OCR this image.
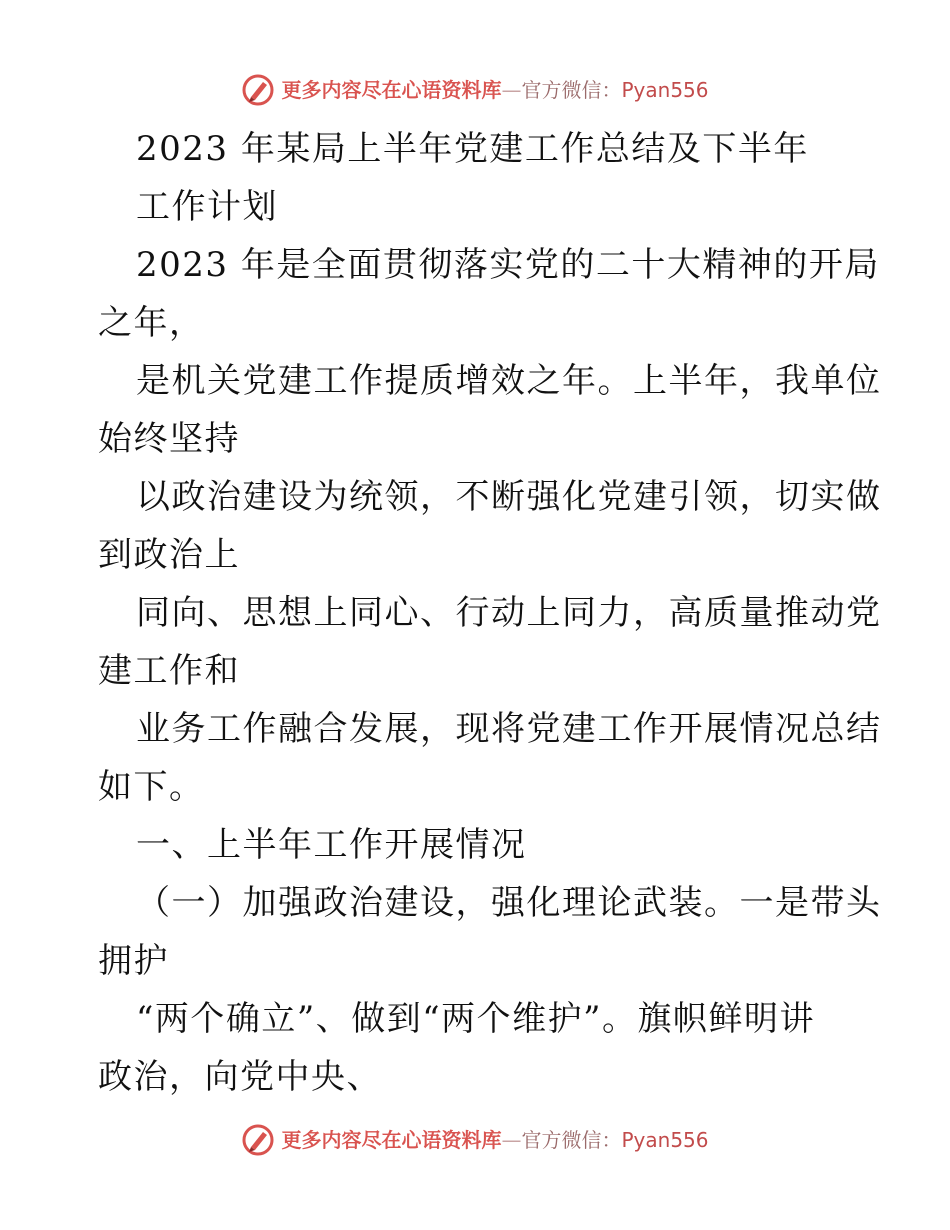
更多内容尽在心语资料库—官方微信：Pyan556
2023 年某局上半年党建工作总结及下半年
工作计划
2023 年是全面贯彻落实党的二十大精神的开局
之年，
是机关党建工作提质增效之年。上半年，我单位
始终坚持
以政治建设为统领，不断强化党建引领，切实做
到政治上
同向、思想上同心、行动上同力，高质量推动党
建工作和
业务工作融合发展，现将党建工作开展情况总结
如下。
一、上半年工作开展情况
（一）加强政治建设，强化理论武装。一是带头
拥护
“两个确立”、做到“两个维护”。旗帜鲜明讲
政治，向党中央、
更多内容尽在心语资料库—官方微信：Pyan556
